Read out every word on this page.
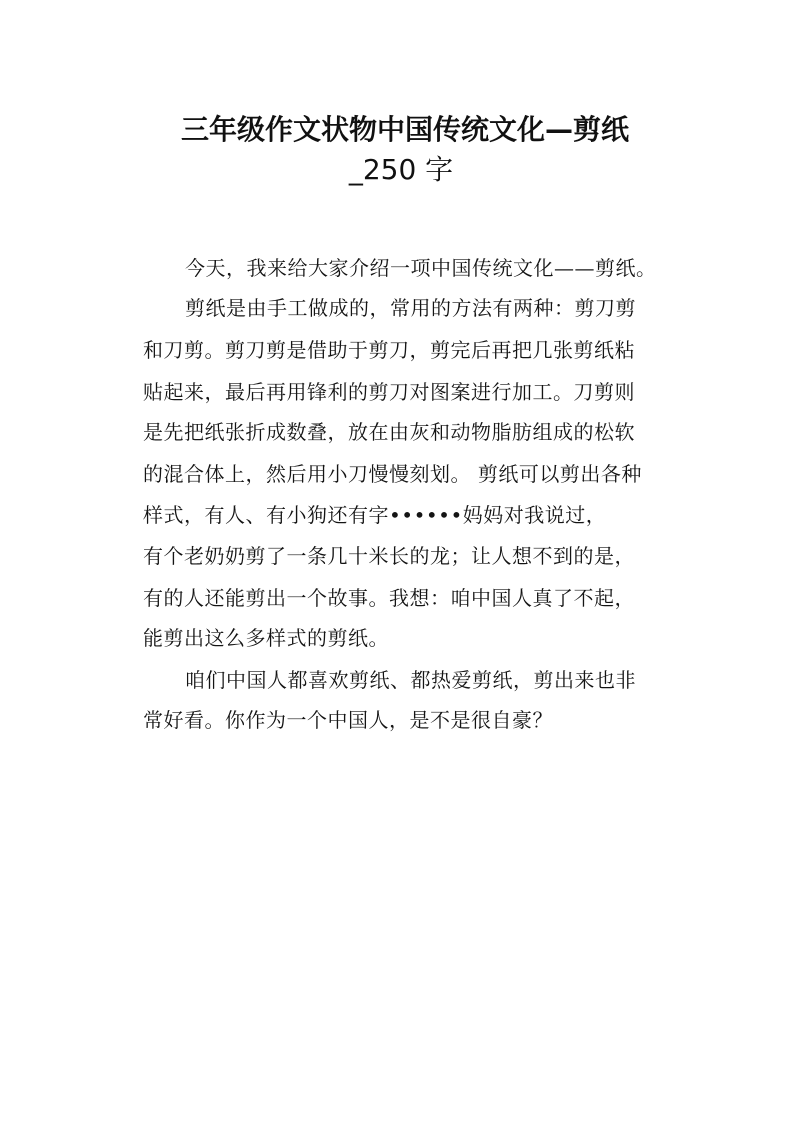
三年级作文状物中国传统文化—剪纸
_250 字
今天，我来给大家介绍一项中国传统文化——剪纸。
剪纸是由手工做成的，常用的方法有两种：剪刀剪
和刀剪。剪刀剪是借助于剪刀，剪完后再把几张剪纸粘
贴起来，最后再用锋利的剪刀对图案进行加工。刀剪则
是先把纸张折成数叠，放在由灰和动物脂肪组成的松软
的混合体上，然后用小刀慢慢刻划。 剪纸可以剪出各种
样式，有人、有小狗还有字••••••妈妈对我说过，
有个老奶奶剪了一条几十米长的龙；让人想不到的是，
有的人还能剪出一个故事。我想：咱中国人真了不起，
能剪出这么多样式的剪纸。
咱们中国人都喜欢剪纸、都热爱剪纸，剪出来也非
常好看。你作为一个中国人，是不是很自豪？
